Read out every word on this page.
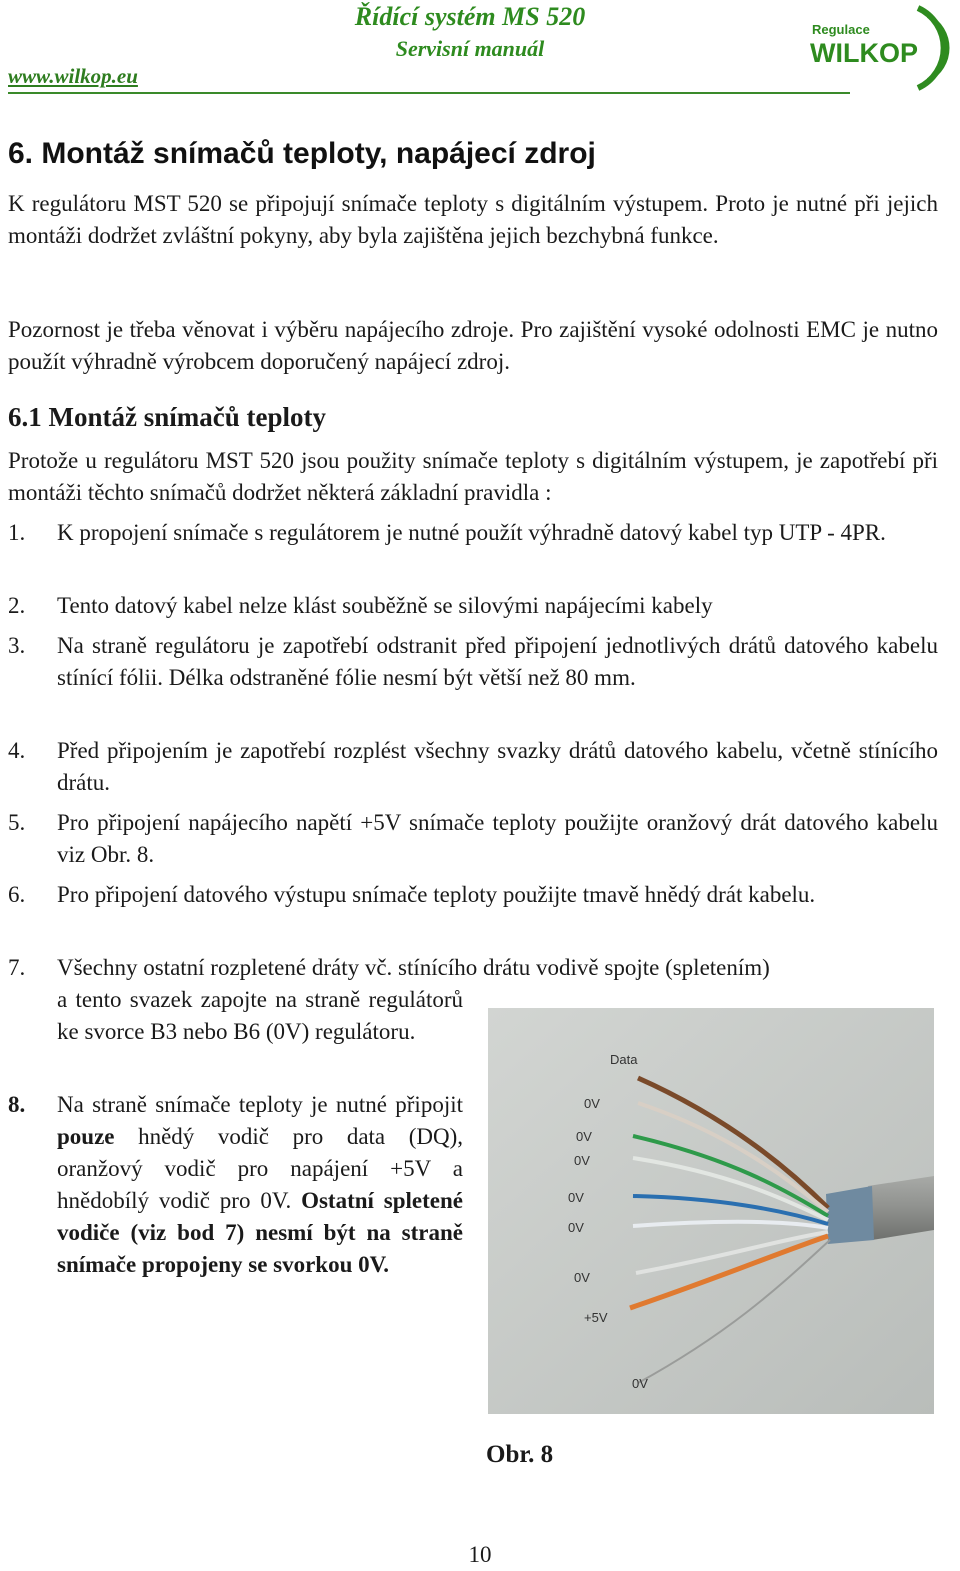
Řídící systém MS 520
Servisní manuál
www.wilkop.eu
Regulace
WILKOP
6. Montáž snímačů teploty, napájecí zdroj
K regulátoru MST 520 se připojují snímače teploty s digitálním výstupem. Proto je nutné při jejich montáži dodržet zvláštní pokyny, aby byla zajištěna jejich bezchybná funkce.
Pozornost je třeba věnovat i výběru napájecího zdroje. Pro zajištění vysoké odolnosti EMC je nutno použít výhradně výrobcem doporučený napájecí zdroj.
6.1 Montáž snímačů teploty
Protože u regulátoru MST 520 jsou použity snímače teploty s digitálním výstupem, je zapotřebí při montáži těchto snímačů dodržet některá základní pravidla :
1.	K propojení snímače s regulátorem je nutné použít výhradně datový kabel typ UTP - 4PR.
2.	Tento datový kabel nelze klást souběžně se silovými napájecími kabely
3.	Na straně regulátoru je zapotřebí odstranit před připojení jednotlivých drátů datového kabelu stínící fólii. Délka odstraněné fólie nesmí být větší než 80 mm.
4.	Před připojením je zapotřebí rozplést všechny svazky drátů datového kabelu, včetně stínícího drátu.
5.	Pro připojení napájecího napětí +5V snímače teploty použijte oranžový drát datového kabelu viz Obr. 8.
6.	Pro připojení datového výstupu snímače teploty použijte tmavě hnědý drát kabelu.
7.	Všechny ostatní rozpletené dráty vč. stínícího drátu vodivě spojte (spletením)
a tento svazek zapojte na straně regulátorů ke svorce B3 nebo B6 (0V) regulátoru.
8.	Na straně snímače teploty je nutné připojit pouze hnědý vodič pro data (DQ), oranžový vodič pro napájení +5V a hnědobílý vodič pro 0V. Ostatní spletené vodiče (viz bod 7) nesmí být na straně snímače propojeny se svorkou 0V.
Data
0V
0V
0V
0V
0V
0V
+5V
0V
Obr. 8
10
